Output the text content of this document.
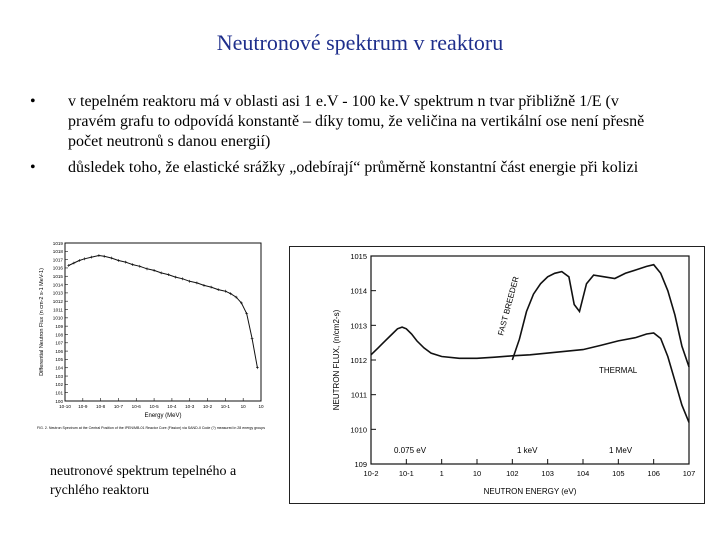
Neutronové spektrum v reaktoru
• v tepelném reaktoru má v oblasti asi 1 e.V - 100 ke.V spektrum n tvar přibližně 1/E (v pravém grafu to odpovídá konstantě – díky tomu, že veličina na vertikální ose není přesně počet neutronů s danou energií)
• důsledek toho, že elastické srážky „odebírají“ průměrně konstantní část energie při kolizi
1019
1018
1017
1016
1015
1014
1013
1012
1011
1010
109
108
107
106
105
104
103
102
101
100
10-10 10-9 10-8 10-7 10-6 10-5 10-4 10-3 10-2 10-1 10	10
Energy (MeV)
Differential Neutron Flux (n cm-2 s-1 MeV-1)
FIG. 2. Neutron Spectrum at the Central Position of the IPEN/MB-01 Reactor Core (Fission) via SAND-II Code (?) measured in 28 energy groups
neutronové spektrum tepelného a rychlého reaktoru
1015
1014
1013
1012
1011
1010
109
10-2	10-1	1	10	102	103	104	105	106	107
THERMAL
FAST BREEDER
0.075 eV	1 keV	1 MeV
NEUTRON ENERGY (eV)
NEUTRON FLUX, (n/cm2-s)
